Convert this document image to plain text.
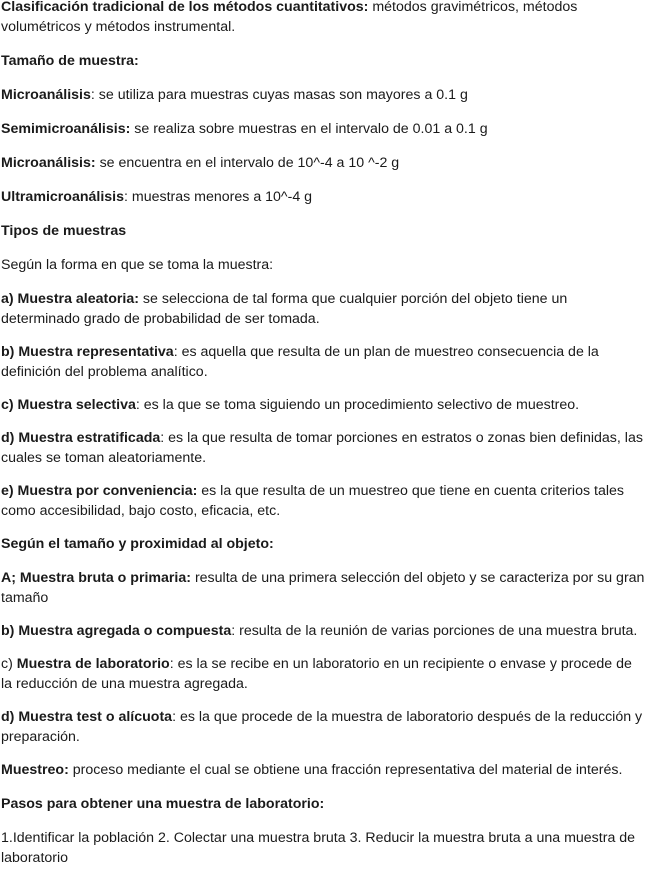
Clasificación tradicional de los métodos cuantitativos: métodos gravimétricos, métodos volumétricos y métodos instrumental.

Tamaño de muestra:

Microanálisis: se utiliza para muestras cuyas masas son mayores a 0.1 g

Semimicroanálisis: se realiza sobre muestras en el intervalo de 0.01 a 0.1 g

Microanálisis: se encuentra en el intervalo de 10^-4 a 10 ^-2 g

Ultramicroanálisis: muestras menores a 10^-4 g

Tipos de muestras

Según la forma en que se toma la muestra:

a) Muestra aleatoria: se selecciona de tal forma que cualquier porción del objeto tiene un determinado grado de probabilidad de ser tomada.

b) Muestra representativa: es aquella que resulta de un plan de muestreo consecuencia de la definición del problema analítico.

c) Muestra selectiva: es la que se toma siguiendo un procedimiento selectivo de muestreo.

d) Muestra estratificada: es la que resulta de tomar porciones en estratos o zonas bien definidas, las cuales se toman aleatoriamente.

e) Muestra por conveniencia: es la que resulta de un muestreo que tiene en cuenta criterios tales como accesibilidad, bajo costo, eficacia, etc.

Según el tamaño y proximidad al objeto:

A; Muestra bruta o primaria: resulta de una primera selección del objeto y se caracteriza por su gran tamaño

b) Muestra agregada o compuesta: resulta de la reunión de varias porciones de una muestra bruta.

c) Muestra de laboratorio: es la se recibe en un laboratorio en un recipiente o envase y procede de la reducción de una muestra agregada.

d) Muestra test o alícuota: es la que procede de la muestra de laboratorio después de la reducción y preparación.

Muestreo: proceso mediante el cual se obtiene una fracción representativa del material de interés.

Pasos para obtener una muestra de laboratorio:

1.Identificar la población 2. Colectar una muestra bruta 3. Reducir la muestra bruta a una muestra de laboratorio
